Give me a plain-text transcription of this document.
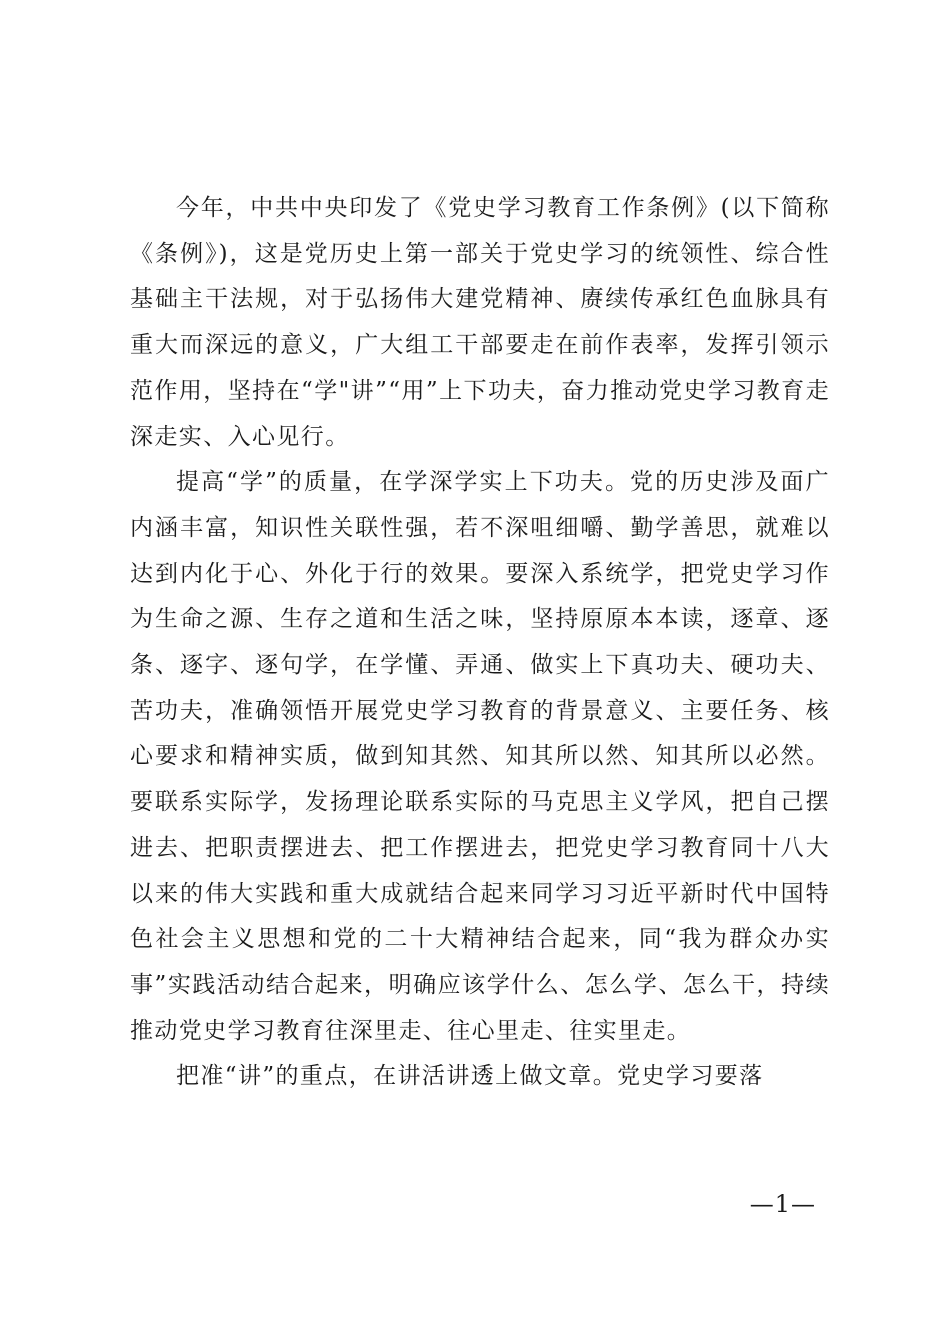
今年，中共中央印发了《党史学习教育工作条例》(以下简称《条例》)，这是党历史上第一部关于党史学习的统领性、综合性基础主干法规，对于弘扬伟大建党精神、赓续传承红色血脉具有重大而深远的意义，广大组工干部要走在前作表率，发挥引领示范作用，坚持在“学"讲”“用”上下功夫，奋力推动党史学习教育走深走实、入心见行。

提高“学”的质量，在学深学实上下功夫。党的历史涉及面广内涵丰富，知识性关联性强，若不深咀细嚼、勤学善思，就难以达到内化于心、外化于行的效果。要深入系统学，把党史学习作为生命之源、生存之道和生活之味，坚持原原本本读，逐章、逐条、逐字、逐句学，在学懂、弄通、做实上下真功夫、硬功夫、苦功夫，准确领悟开展党史学习教育的背景意义、主要任务、核心要求和精神实质，做到知其然、知其所以然、知其所以必然。要联系实际学，发扬理论联系实际的马克思主义学风，把自己摆进去、把职责摆进去、把工作摆进去，把党史学习教育同十八大以来的伟大实践和重大成就结合起来同学习习近平新时代中国特色社会主义思想和党的二十大精神结合起来，同“我为群众办实事”实践活动结合起来，明确应该学什么、怎么学、怎么干，持续推动党史学习教育往深里走、往心里走、往实里走。

把准“讲”的重点，在讲活讲透上做文章。党史学习要落

—1—
